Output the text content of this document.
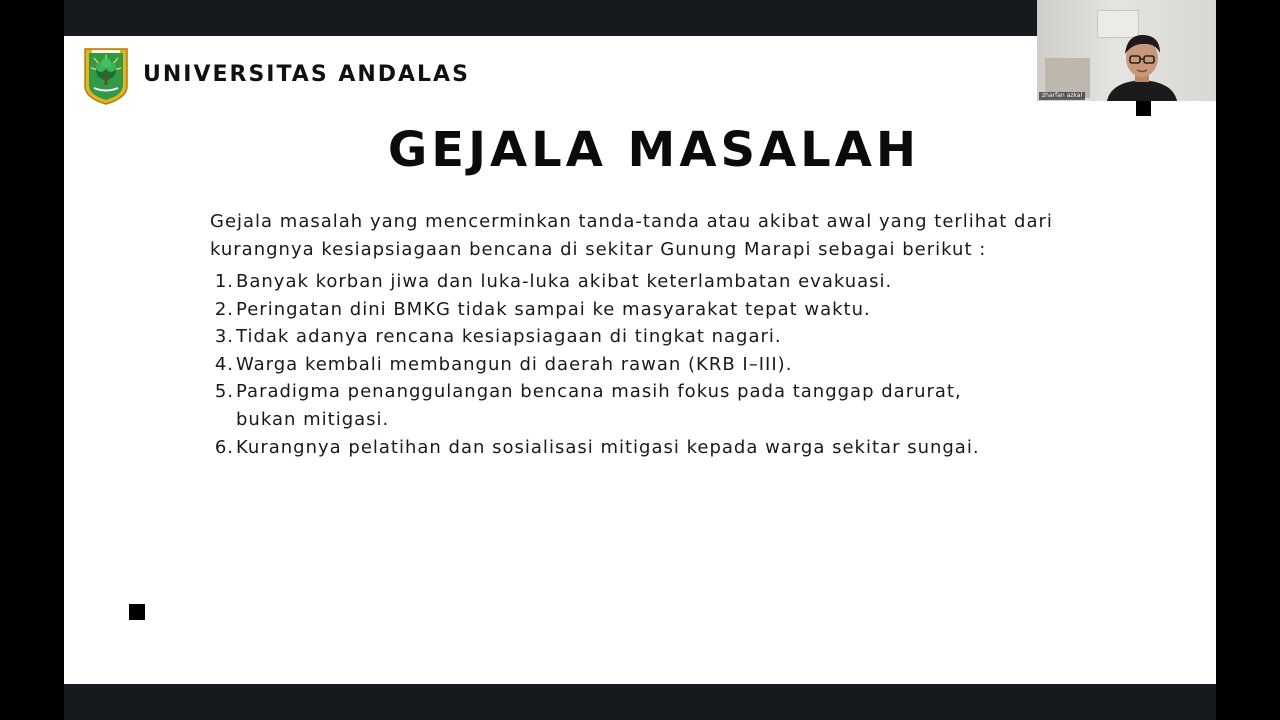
UNIVERSITAS ANDALAS
GEJALA MASALAH
Gejala masalah yang mencerminkan tanda-tanda atau akibat awal yang terlihat dari kurangnya kesiapsiagaan bencana di sekitar Gunung Marapi sebagai berikut :
1. Banyak korban jiwa dan luka-luka akibat keterlambatan evakuasi.
2. Peringatan dini BMKG tidak sampai ke masyarakat tepat waktu.
3. Tidak adanya rencana kesiapsiagaan di tingkat nagari.
4. Warga kembali membangun di daerah rawan (KRB I–III).
5. Paradigma penanggulangan bencana masih fokus pada tanggap darurat, bukan mitigasi.
6. Kurangnya pelatihan dan sosialisasi mitigasi kepada warga sekitar sungai.
zharfan azkal
